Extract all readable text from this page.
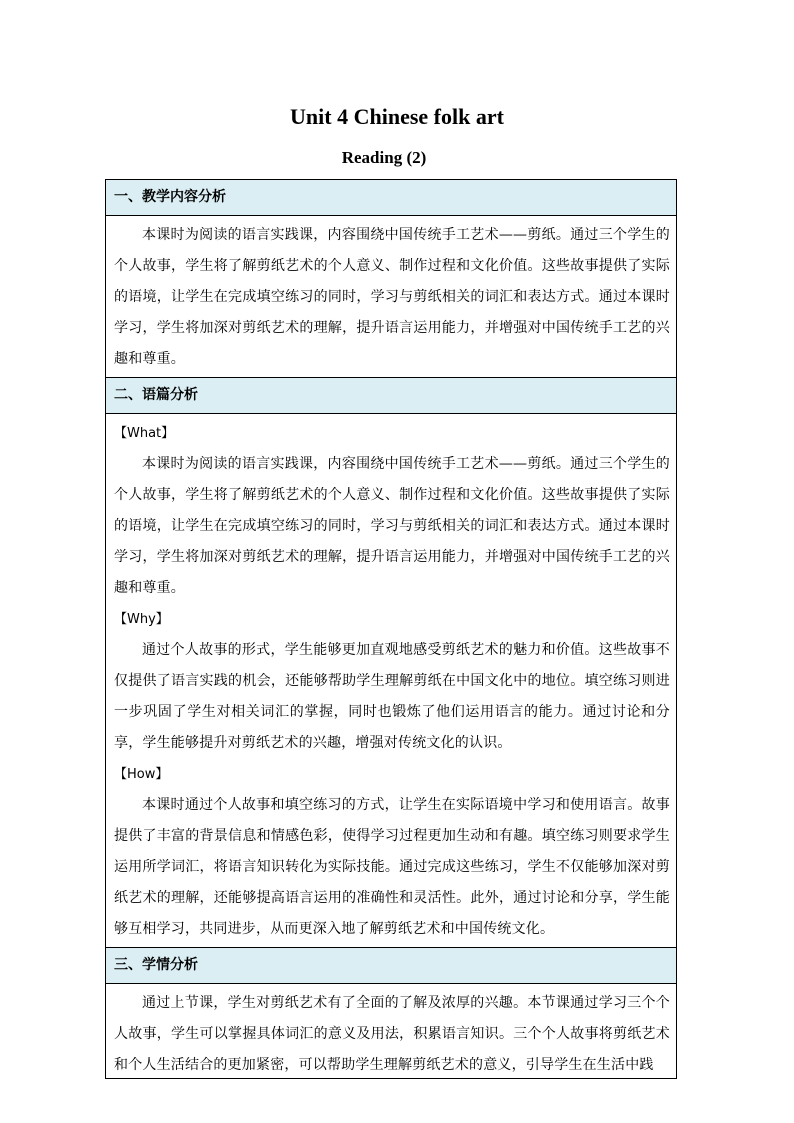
Unit 4 Chinese folk art
Reading (2)
一、教学内容分析

本课时为阅读的语言实践课，内容围绕中国传统手工艺术——剪纸。通过三个学生的个人故事，学生将了解剪纸艺术的个人意义、制作过程和文化价值。这些故事提供了实际的语境，让学生在完成填空练习的同时，学习与剪纸相关的词汇和表达方式。通过本课时学习，学生将加深对剪纸艺术的理解，提升语言运用能力，并增强对中国传统手工艺的兴趣和尊重。

二、语篇分析

【What】

本课时为阅读的语言实践课，内容围绕中国传统手工艺术——剪纸。通过三个学生的个人故事，学生将了解剪纸艺术的个人意义、制作过程和文化价值。这些故事提供了实际的语境，让学生在完成填空练习的同时，学习与剪纸相关的词汇和表达方式。通过本课时学习，学生将加深对剪纸艺术的理解，提升语言运用能力，并增强对中国传统手工艺的兴趣和尊重。

【Why】

通过个人故事的形式，学生能够更加直观地感受剪纸艺术的魅力和价值。这些故事不仅提供了语言实践的机会，还能够帮助学生理解剪纸在中国文化中的地位。填空练习则进一步巩固了学生对相关词汇的掌握，同时也锻炼了他们运用语言的能力。通过讨论和分享，学生能够提升对剪纸艺术的兴趣，增强对传统文化的认识。

【How】

本课时通过个人故事和填空练习的方式，让学生在实际语境中学习和使用语言。故事提供了丰富的背景信息和情感色彩，使得学习过程更加生动和有趣。填空练习则要求学生运用所学词汇，将语言知识转化为实际技能。通过完成这些练习，学生不仅能够加深对剪纸艺术的理解，还能够提高语言运用的准确性和灵活性。此外，通过讨论和分享，学生能够互相学习，共同进步，从而更深入地了解剪纸艺术和中国传统文化。

三、学情分析

通过上节课，学生对剪纸艺术有了全面的了解及浓厚的兴趣。本节课通过学习三个个人故事，学生可以掌握具体词汇的意义及用法，积累语言知识。三个个人故事将剪纸艺术和个人生活结合的更加紧密，可以帮助学生理解剪纸艺术的意义，引导学生在生活中践
